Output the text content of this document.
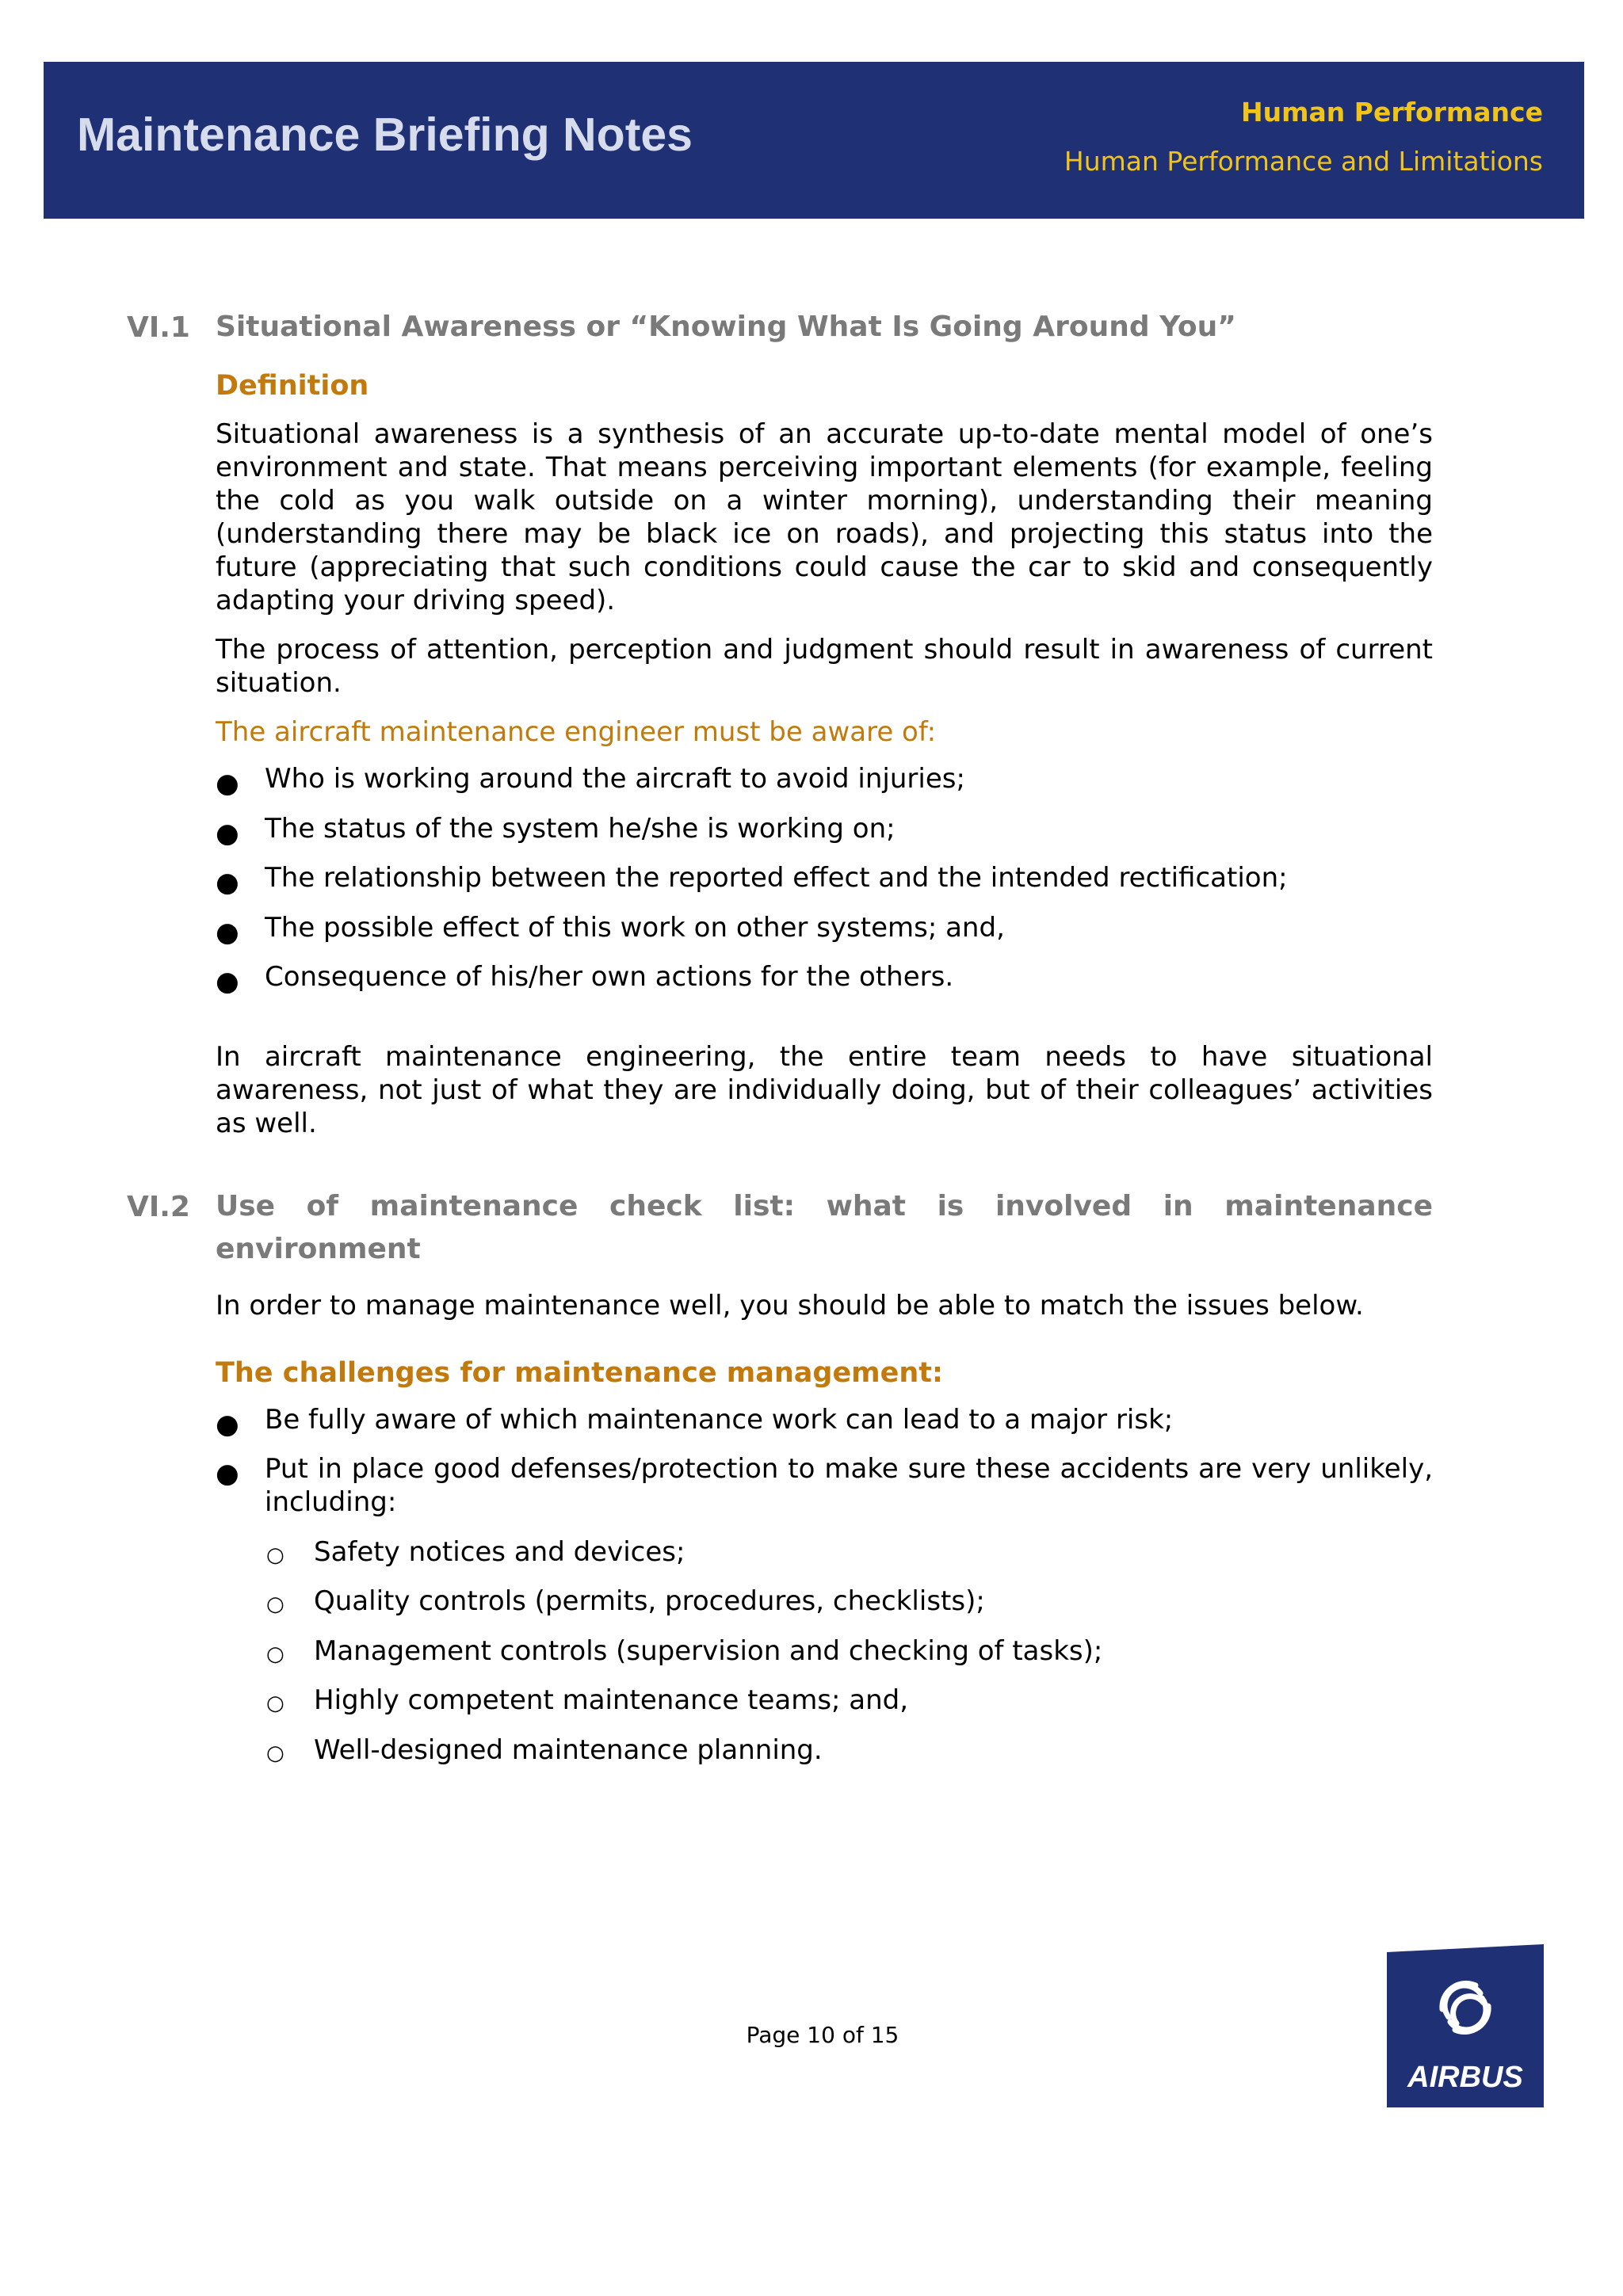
Maintenance Briefing Notes	Human Performance
Human Performance and Limitations
VI.1 Situational Awareness or “Knowing What Is Going Around You”
Definition
Situational awareness is a synthesis of an accurate up-to-date mental model of one’s environment and state. That means perceiving important elements (for example, feeling the cold as you walk outside on a winter morning), understanding their meaning (understanding there may be black ice on roads), and projecting this status into the future (appreciating that such conditions could cause the car to skid and consequently adapting your driving speed).
The process of attention, perception and judgment should result in awareness of current situation.
The aircraft maintenance engineer must be aware of:
● Who is working around the aircraft to avoid injuries;
● The status of the system he/she is working on;
● The relationship between the reported effect and the intended rectification;
● The possible effect of this work on other systems; and,
● Consequence of his/her own actions for the others.
In aircraft maintenance engineering, the entire team needs to have situational awareness, not just of what they are individually doing, but of their colleagues’ activities as well.
VI.2 Use of maintenance check list: what is involved in maintenance environment
In order to manage maintenance well, you should be able to match the issues below.
The challenges for maintenance management:
● Be fully aware of which maintenance work can lead to a major risk;
● Put in place good defenses/protection to make sure these accidents are very unlikely, including:
○ Safety notices and devices;
○ Quality controls (permits, procedures, checklists);
○ Management controls (supervision and checking of tasks);
○ Highly competent maintenance teams; and,
○ Well-designed maintenance planning.
Page 10 of 15
AIRBUS
